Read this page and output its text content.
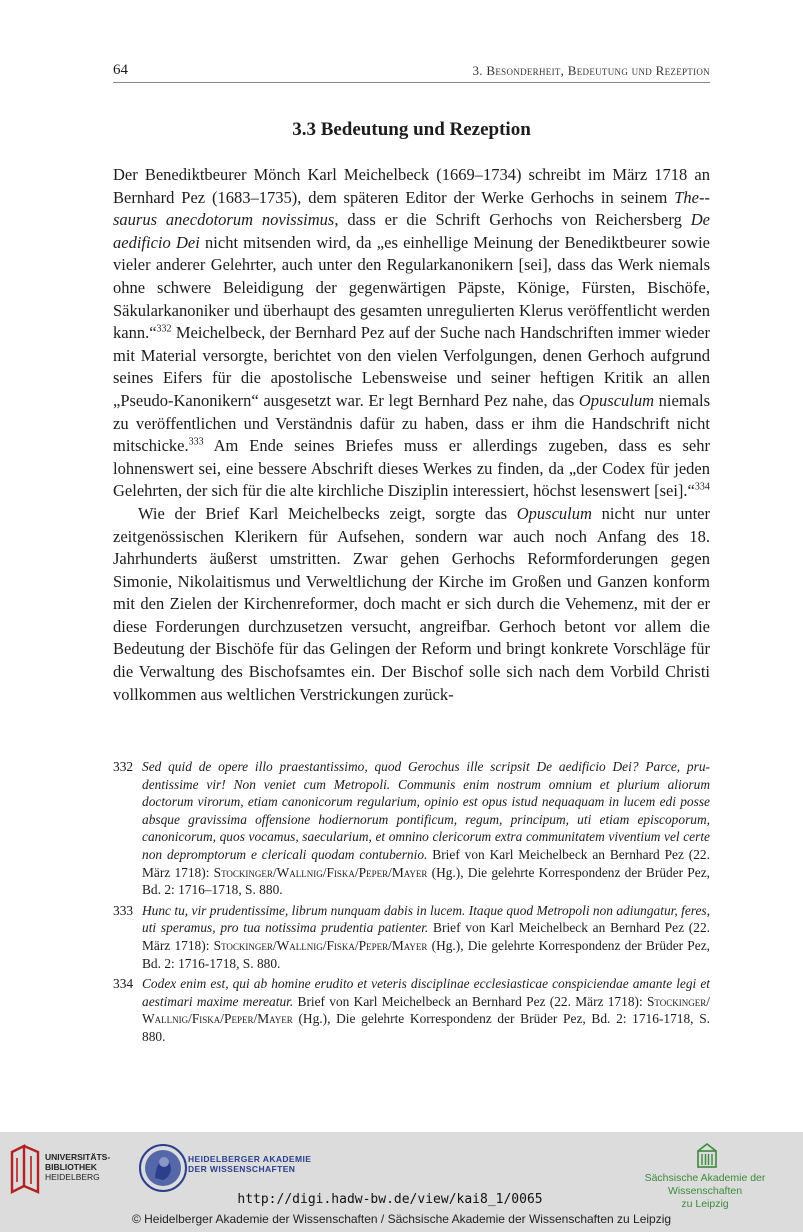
64	3. Besonderheit, Bedeutung und Rezeption
3.3 Bedeutung und Rezeption

Der Benediktbeurer Mönch Karl Meichelbeck (1669–1734) schreibt im März 1718 an Bernhard Pez (1683–1735), dem späteren Editor der Werke Gerhochs in seinem The-saurus anecdotorum novissimus, dass er die Schrift Gerhochs von Reichersberg De aedificio Dei nicht mitsenden wird, da „es einhellige Meinung der Benediktbeurer sowie vieler anderer Gelehrter, auch unter den Regularkanonikern [sei], dass das Werk niemals ohne schwere Beleidigung der gegenwärtigen Päpste, Könige, Fürsten, Bischöfe, Säkularkanoniker und überhaupt des gesamten unregulierten Klerus veröffentlicht werden kann.“$^{332}$ Meichelbeck, der Bernhard Pez auf der Suche nach Handschriften immer wieder mit Material versorgte, berichtet von den vielen Verfolgungen, denen Gerhoch aufgrund seines Eifers für die apostolische Lebensweise und seiner heftigen Kritik an allen „Pseudo-Kanonikern“ ausgesetzt war. Er legt Bernhard Pez nahe, das Opusculum niemals zu veröffentlichen und Verständnis dafür zu haben, dass er ihm die Handschrift nicht mitschicke.$^{333}$ Am Ende seines Briefes muss er allerdings zugeben, dass es sehr lohnenswert sei, eine bessere Abschrift dieses Werkes zu finden, da „der Codex für jeden Gelehrten, der sich für die alte kirchliche Disziplin interessiert, höchst lesenswert [sei].“$^{334}$

Wie der Brief Karl Meichelbecks zeigt, sorgte das Opusculum nicht nur unter zeitgenössischen Klerikern für Aufsehen, sondern war auch noch Anfang des 18. Jahrhunderts äußerst umstritten. Zwar gehen Gerhochs Reformforderungen gegen Simonie, Nikolaitismus und Verweltlichung der Kirche im Großen und Ganzen konform mit den Zielen der Kirchenreformer, doch macht er sich durch die Vehemenz, mit der er diese Forderungen durchzusetzen versucht, angreifbar. Gerhoch betont vor allem die Bedeutung der Bischöfe für das Gelingen der Reform und bringt konkrete Vorschläge für die Verwaltung des Bischofsamtes ein. Der Bischof solle sich nach dem Vorbild Christi vollkommen aus weltlichen Verstrickungen zurück-

332 Sed quid de opere illo praestantissimo, quod Gerochus ille scripsit De aedificio Dei? Parce, prudentissime vir! Non veniet cum Metropoli. Communis enim nostrum omnium et plurium aliorum doctorum virorum, etiam canonicorum regularium, opinio est opus istud nequaquam in lucem edi posse absque gravissima offensione hodiernorum pontificum, regum, principum, uti etiam episcoporum, canonicorum, quos vocamus, saecularium, et omnino clericorum extra communitatem viventium vel certe non depromptorum e clericali quodam contubernio. Brief von Karl Meichelbeck an Bernhard Pez (22. März 1718): Stockinger/Wallnig/Fiska/Peper/Mayer (Hg.), Die gelehrte Korrespondenz der Brüder Pez, Bd. 2: 1716–1718, S. 880.
333 Hunc tu, vir prudentissime, librum nunquam dabis in lucem. Itaque quod Metropoli non adiungatur, feres, uti speramus, pro tua notissima prudentia patienter. Brief von Karl Meichelbeck an Bernhard Pez (22. März 1718): Stockinger/Wallnig/Fiska/Peper/Mayer (Hg.), Die gelehrte Korrespondenz der Brüder Pez, Bd. 2: 1716-1718, S. 880.
334 Codex enim est, qui ab homine erudito et veteris disciplinae ecclesiasticae conspiciendae amante legi et aestimari maxime mereatur. Brief von Karl Meichelbeck an Bernhard Pez (22. März 1718): Stockinger/ Wallnig/Fiska/Peper/Mayer (Hg.), Die gelehrte Korrespondenz der Brüder Pez, Bd. 2: 1716-1718, S. 880.
UNIVERSITÄTS-
BIBLIOTHEK
HEIDELBERG
HEIDELBERGER AKADEMIE
DER WISSENSCHAFTEN
Sächsische Akademie der Wissenschaften
zu Leipzig
http://digi.hadw-bw.de/view/kai8_1/0065
© Heidelberger Akademie der Wissenschaften / Sächsische Akademie der Wissenschaften zu Leipzig
